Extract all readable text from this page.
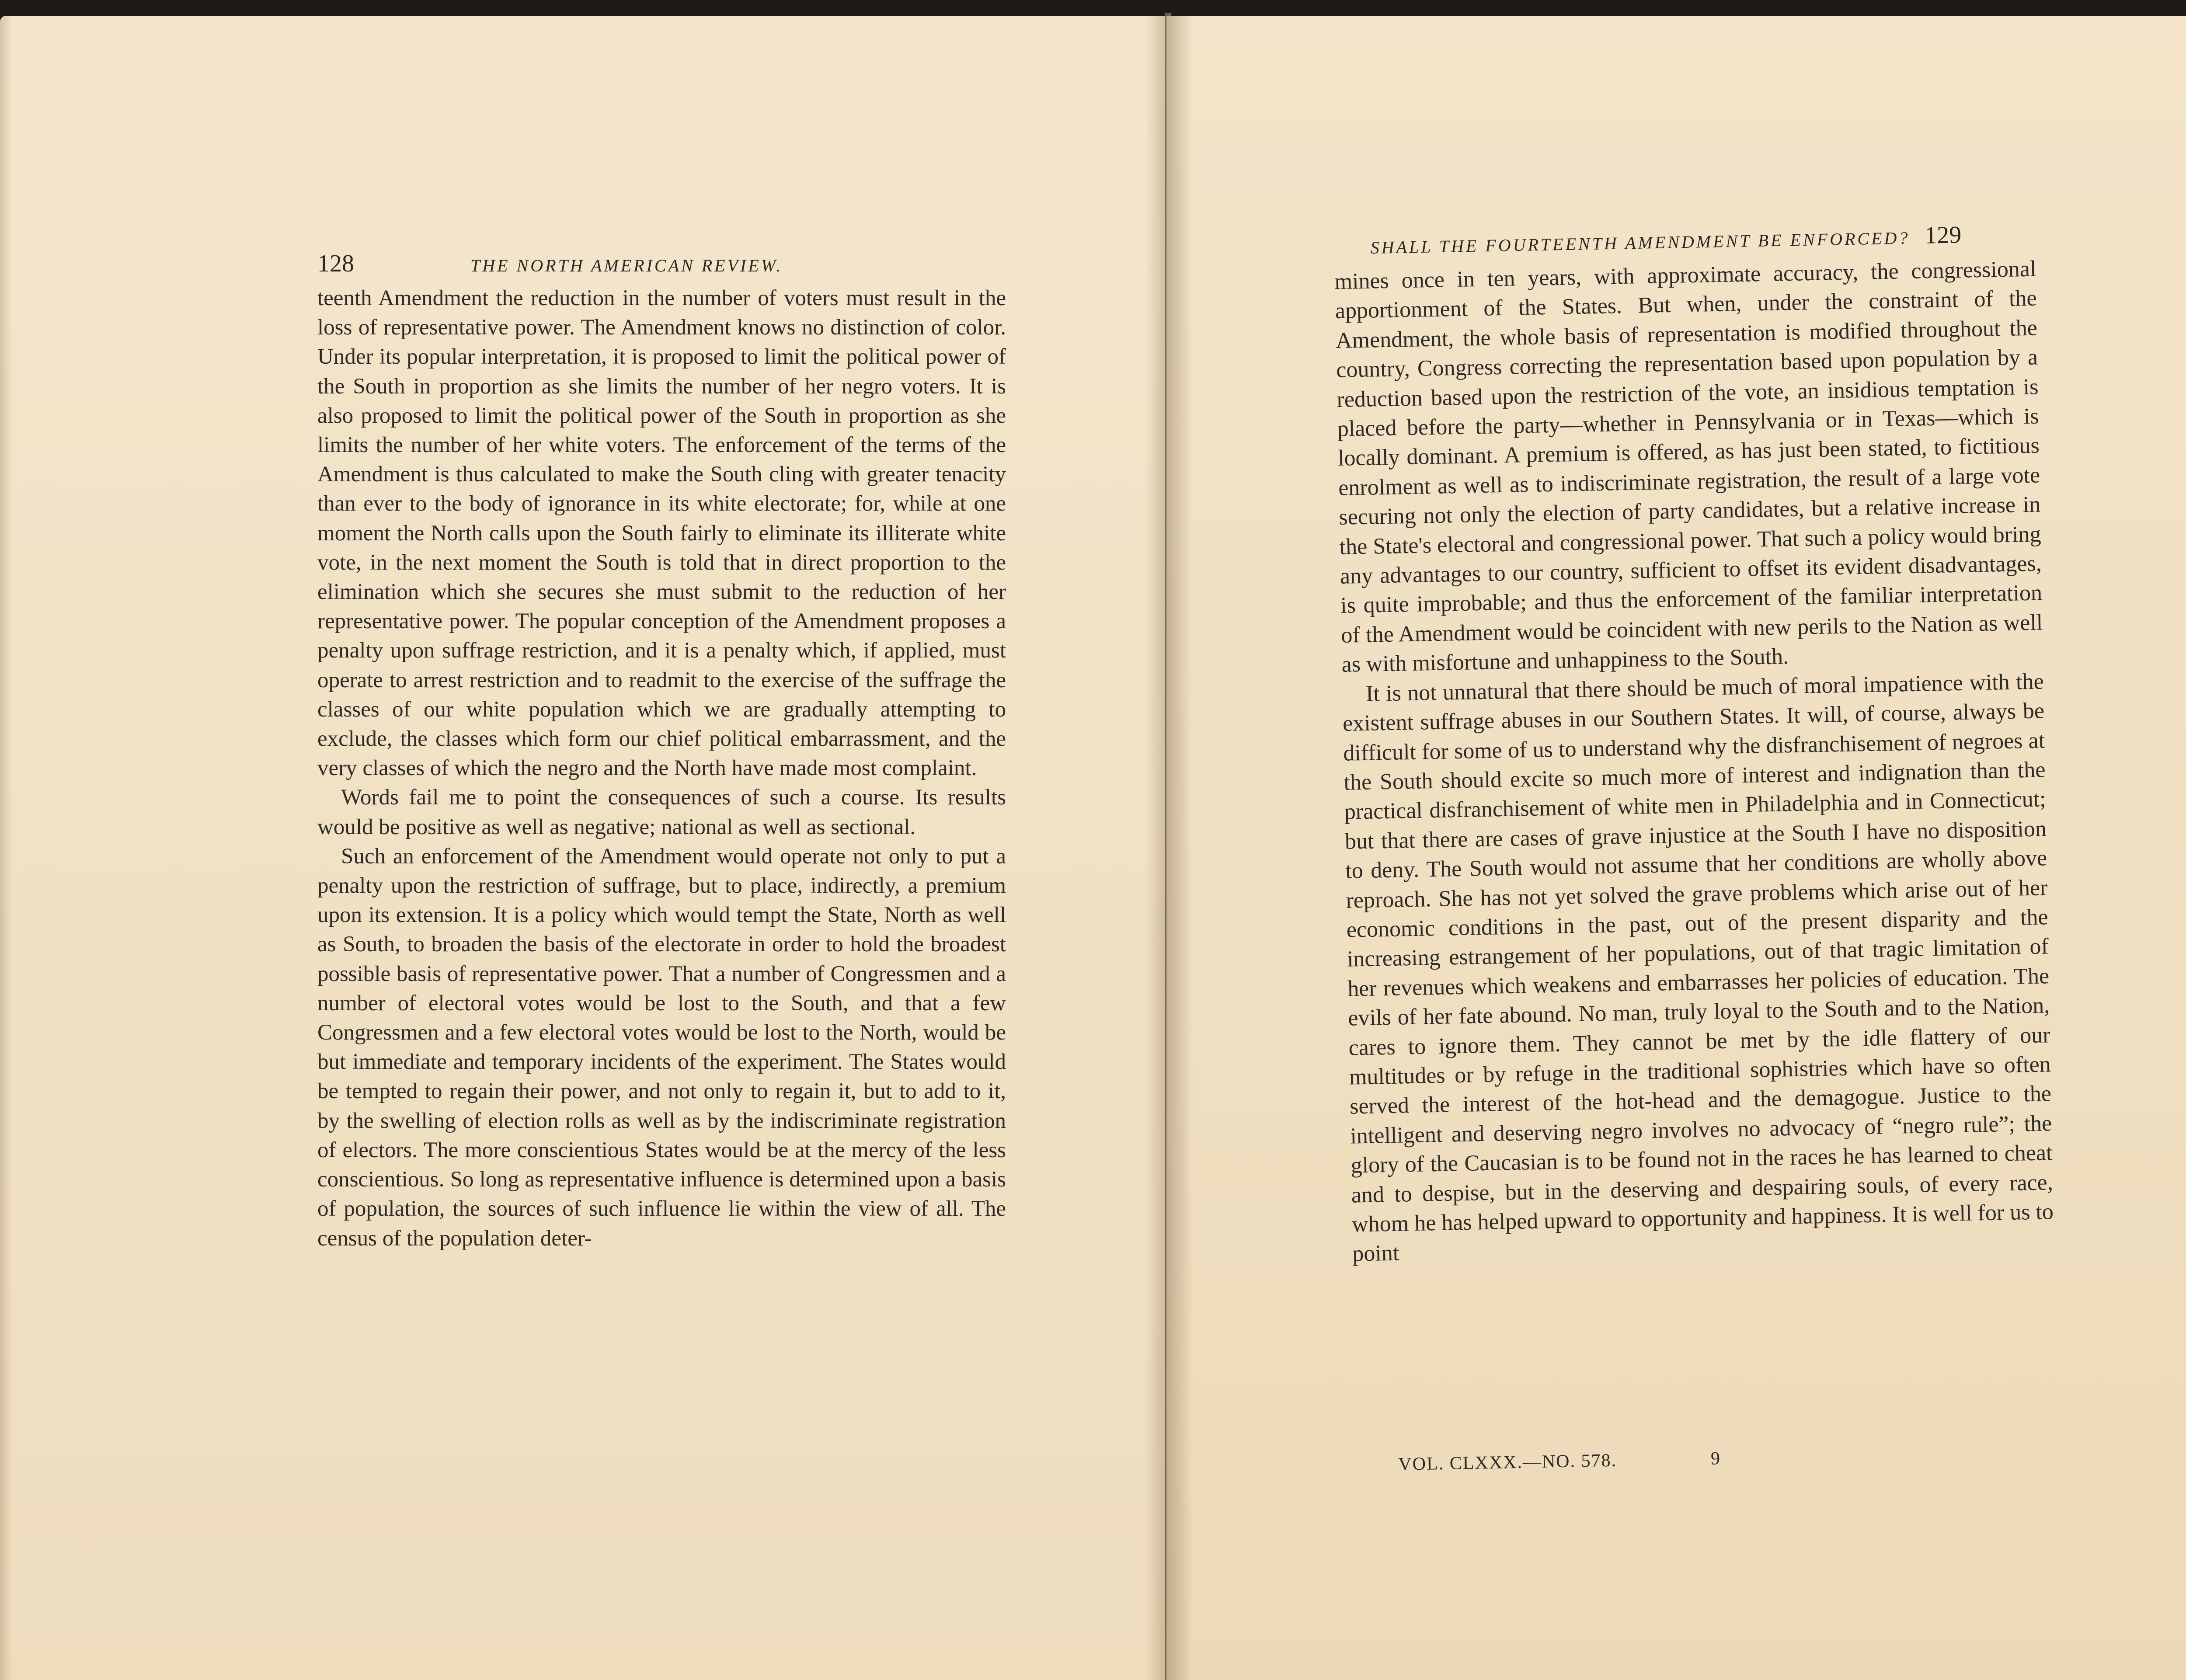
128	THE NORTH AMERICAN REVIEW.

teenth Amendment the reduction in the number of voters must result in the loss of representative power. The Amendment knows no distinction of color. Under its popular interpretation, it is proposed to limit the political power of the South in proportion as she limits the number of her negro voters. It is also proposed to limit the political power of the South in proportion as she limits the number of her white voters. The enforcement of the terms of the Amendment is thus calculated to make the South cling with greater tenacity than ever to the body of ignorance in its white electorate; for, while at one moment the North calls upon the South fairly to eliminate its illiterate white vote, in the next moment the South is told that in direct proportion to the elimination which she secures she must submit to the reduction of her representative power. The popular conception of the Amendment proposes a penalty upon suffrage restriction, and it is a penalty which, if applied, must operate to arrest restriction and to readmit to the exercise of the suffrage the classes of our white population which we are gradually attempting to exclude, the classes which form our chief political embarrassment, and the very classes of which the negro and the North have made most complaint.

Words fail me to point the consequences of such a course. Its results would be positive as well as negative; national as well as sectional.

Such an enforcement of the Amendment would operate not only to put a penalty upon the restriction of suffrage, but to place, indirectly, a premium upon its extension. It is a policy which would tempt the State, North as well as South, to broaden the basis of the electorate in order to hold the broadest possible basis of representative power. That a number of Congressmen and a number of electoral votes would be lost to the South, and that a few Congressmen and a few electoral votes would be lost to the North, would be but immediate and temporary incidents of the experiment. The States would be tempted to regain their power, and not only to regain it, but to add to it, by the swelling of election rolls as well as by the indiscriminate registration of electors. The more conscientious States would be at the mercy of the less conscientious. So long as representative influence is determined upon a basis of population, the sources of such influence lie within the view of all. The census of the population deter-

SHALL THE FOURTEENTH AMENDMENT BE ENFORCED? 129

mines once in ten years, with approximate accuracy, the congressional apportionment of the States. But when, under the constraint of the Amendment, the whole basis of representation is modified throughout the country, Congress correcting the representation based upon population by a reduction based upon the restriction of the vote, an insidious temptation is placed before the party—whether in Pennsylvania or in Texas—which is locally dominant. A premium is offered, as has just been stated, to fictitious enrolment as well as to indiscriminate registration, the result of a large vote securing not only the election of party candidates, but a relative increase in the State's electoral and congressional power. That such a policy would bring any advantages to our country, sufficient to offset its evident disadvantages, is quite improbable; and thus the enforcement of the familiar interpretation of the Amendment would be coincident with new perils to the Nation as well as with misfortune and unhappiness to the South.

It is not unnatural that there should be much of moral impatience with the existent suffrage abuses in our Southern States. It will, of course, always be difficult for some of us to understand why the disfranchisement of negroes at the South should excite so much more of interest and indignation than the practical disfranchisement of white men in Philadelphia and in Connecticut; but that there are cases of grave injustice at the South I have no disposition to deny. The South would not assume that her conditions are wholly above reproach. She has not yet solved the grave problems which arise out of her economic conditions in the past, out of the present disparity and the increasing estrangement of her populations, out of that tragic limitation of her revenues which weakens and embarrasses her policies of education. The evils of her fate abound. No man, truly loyal to the South and to the Nation, cares to ignore them. They cannot be met by the idle flattery of our multitudes or by refuge in the traditional sophistries which have so often served the interest of the hot-head and the demagogue. Justice to the intelligent and deserving negro involves no advocacy of “negro rule”; the glory of the Caucasian is to be found not in the races he has learned to cheat and to despise, but in the deserving and despairing souls, of every race, whom he has helped upward to opportunity and happiness. It is well for us to point

VOL. CLXXX.—NO. 578.	9
